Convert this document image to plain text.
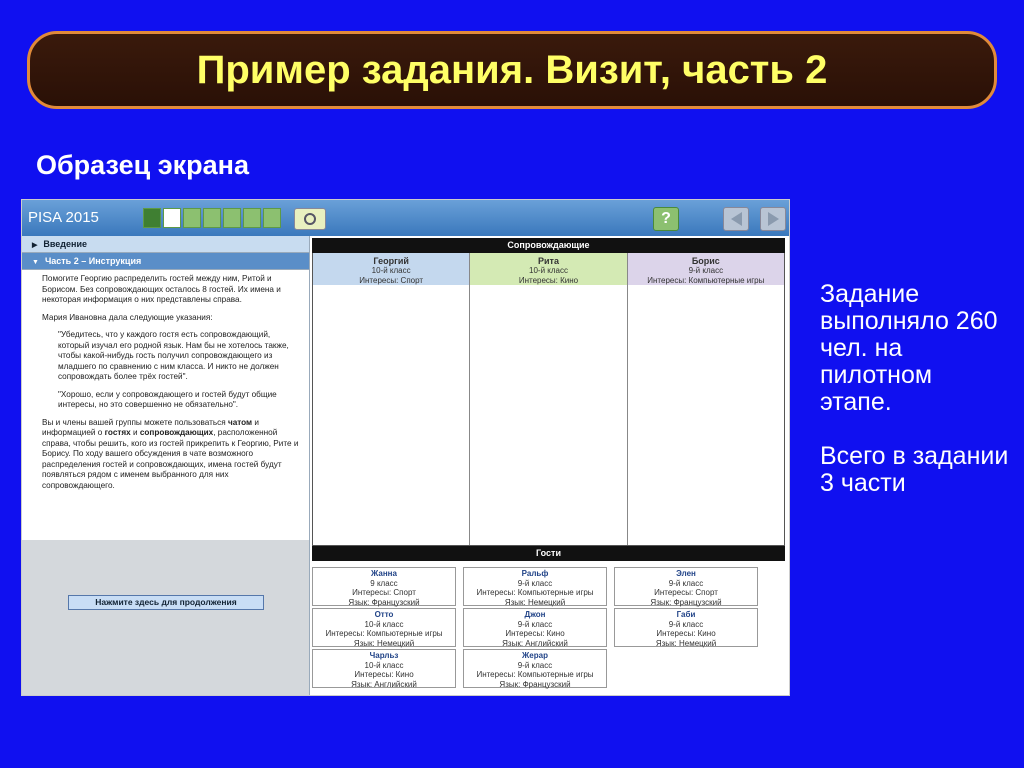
Пример задания. Визит, часть 2
Образец экрана
Задание выполняло 260 чел. на пилотном этапе.
Всего в задании 3 части
PISA 2015	?
▶ Введение
▼ Часть 2 – Инструкция

Помогите Георгию распределить гостей между ним, Ритой и Борисом. Без сопровождающих осталось 8 гостей. Их имена и некоторая информация о них представлены справа.

Мария Ивановна дала следующие указания:

"Убедитесь, что у каждого гостя есть сопровождающий, который изучал его родной язык. Нам бы не хотелось также, чтобы какой-нибудь гость получил сопровождающего из младшего по сравнению с ним класса. И никто не должен сопровождать более трёх гостей".

"Хорошо, если у сопровождающего и гостей будут общие интересы, но это совершенно не обязательно".

Вы и члены вашей группы можете пользоваться чатом и информацией о гостях и сопровождающих, расположенной справа, чтобы решить, кого из гостей прикрепить к Георгию, Рите и Борису. По ходу вашего обсуждения в чате возможного распределения гостей и сопровождающих, имена гостей будут появляться рядом с именем выбранного для них сопровождающего.

Нажмите здесь для продолжения
Сопровождающие
Георгий
10-й класс
Интересы: Спорт
Рита
10-й класс
Интересы: Кино
Борис
9-й класс
Интересы: Компьютерные игры
Гости
Жанна
9 класс
Интересы: Спорт
Язык: Французский
Ральф
9-й класс
Интересы: Компьютерные игры
Язык: Немецкий
Элен
9-й класс
Интересы: Спорт
Язык: Французский
Отто
10-й класс
Интересы: Компьютерные игры
Язык: Немецкий
Джон
9-й класс
Интересы: Кино
Язык: Английский
Габи
9-й класс
Интересы: Кино
Язык: Немецкий
Чарльз
10-й класс
Интересы: Кино
Язык: Английский
Жерар
9-й класс
Интересы: Компьютерные игры
Язык: Французский
